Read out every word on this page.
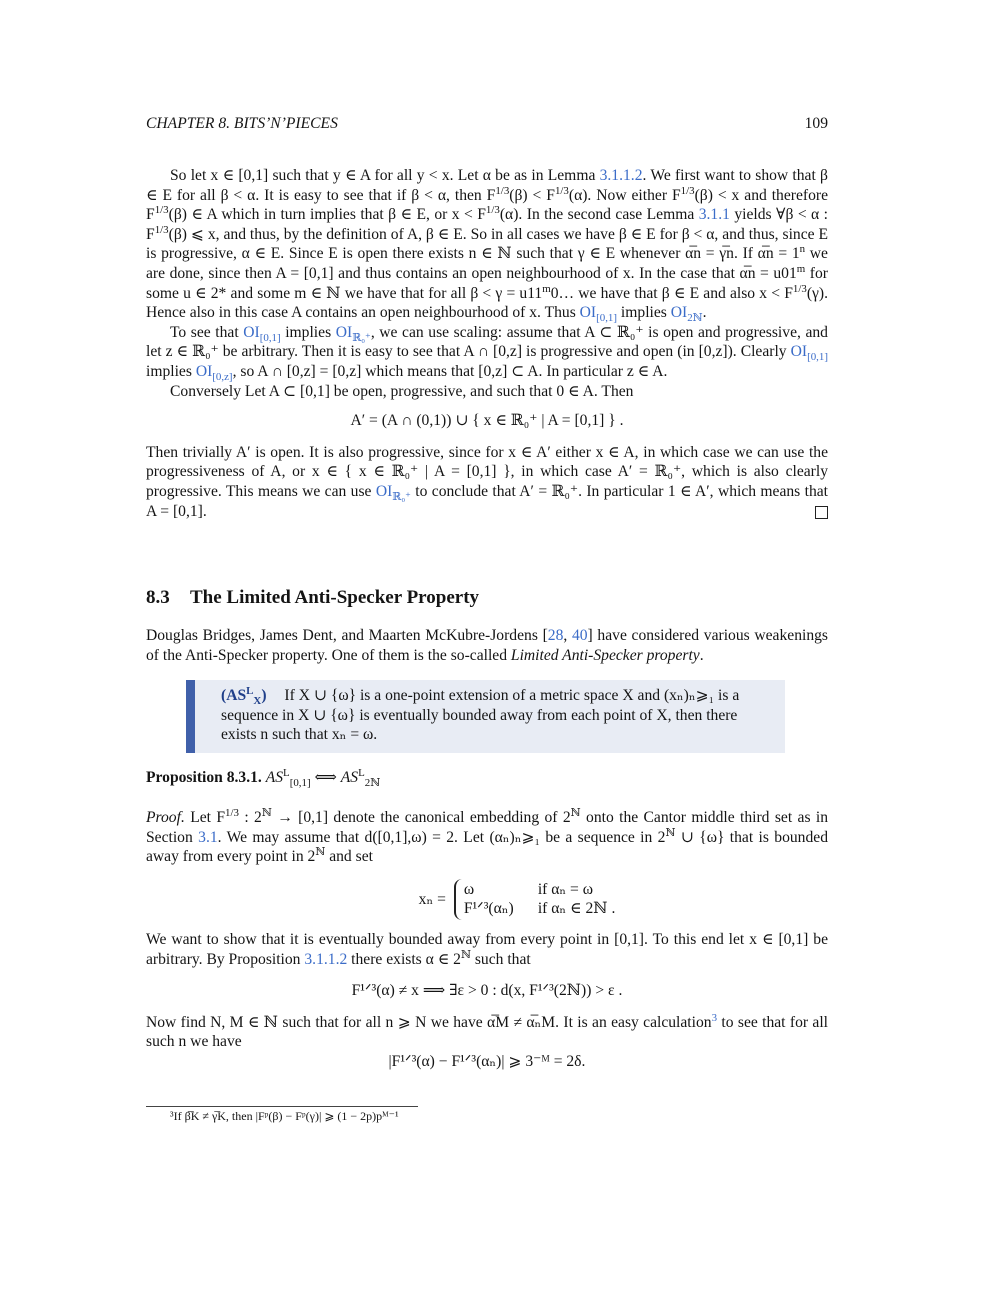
CHAPTER 8. BITS’N’PIECES	109

So let x ∈ [0,1] such that y ∈ A for all y < x. Let α be as in Lemma 3.1.1.2. We first want to show that β ∈ E for all β < α. It is easy to see that if β < α, then $F^{1/3}(\beta) < F^{1/3}(\alpha)$. Now either $F^{1/3}(\beta) < x$ and therefore $F^{1/3}(\beta)$ ∈ A which in turn implies that β ∈ E, or $x < F^{1/3}(\alpha)$. In the second case Lemma 3.1.1 yields ∀β < α : $F^{1/3}(\beta)$ ⩽ x, and thus, by the definition of A, β ∈ E. So in all cases we have β ∈ E for β < α, and thus, since E is progressive, α ∈ E. Since E is open there exists n ∈ ℕ such that γ ∈ E whenever α̅n = γ̅n. If α̅n = $1^n$ we are done, since then A = [0,1] and thus contains an open neighbourhood of x. In the case that α̅n = $u01^m$ for some u ∈ 2* and some m ∈ ℕ we have that for all $\beta < \gamma = u11^m0\dots$ we have that β ∈ E and also $x < F^{1/3}(\gamma)$. Hence also in this case A contains an open neighbourhood of x. Thus $OI_{[0,1]}$ implies $OI_{2ℕ}$.

To see that $OI_{[0,1]}$ implies $OI_{ℝ_0^+}$, we can use scaling: assume that A ⊂ ℝ₀⁺ is open and progressive, and let z ∈ ℝ₀⁺ be arbitrary. Then it is easy to see that A ∩ [0,z] is progressive and open (in [0,z]). Clearly $OI_{[0,1]}$ implies $OI_{[0,z]}$, so A ∩ [0,z] = [0,z] which means that [0,z] ⊂ A. In particular z ∈ A.

Conversely Let A ⊂ [0,1] be open, progressive, and such that 0 ∈ A. Then

A′ = (A ∩ (0,1)) ∪ { x ∈ ℝ₀⁺ | A = [0,1] } .

Then trivially A′ is open. It is also progressive, since for x ∈ A′ either x ∈ A, in which case we can use the progressiveness of A, or x ∈ { x ∈ ℝ₀⁺ | A = [0,1] }, in which case A′ = ℝ₀⁺, which is also clearly progressive. This means we can use $OI_{ℝ_0^+}$ to conclude that A′ = ℝ₀⁺. In particular 1 ∈ A′, which means that A = [0,1].

8.3 The Limited Anti-Specker Property

Douglas Bridges, James Dent, and Maarten McKubre-Jordens [28, 40] have considered various weakenings of the Anti-Specker property. One of them is the so-called Limited Anti-Specker property.

$(AS^L_X)$ If X ∪ {ω} is a one-point extension of a metric space X and (xₙ)ₙ⩾₁ is a sequence in X ∪ {ω} is eventually bounded away from each point of X, then there exists n such that xₙ = ω.

Proposition 8.3.1. $AS^L_{[0,1]}$ ⟺ $AS^L_{2ℕ}$

Proof. Let $F^{1/3}$ : $2^ℕ \to [0,1]$ denote the canonical embedding of $2^ℕ$ onto the Cantor middle third set as in Section 3.1. We may assume that d([0,1],ω) = 2. Let (αₙ)ₙ⩾₁ be a sequence in $2^ℕ$ ∪ {ω} that is bounded away from every point in $2^ℕ$ and set

xₙ =
ω	if αₙ = ω
F¹ᐟ³(αₙ) if αₙ ∈ 2ℕ .

We want to show that it is eventually bounded away from every point in [0,1]. To this end let x ∈ [0,1] be arbitrary. By Proposition 3.1.1.2 there exists α ∈ $2^ℕ$ such that

F¹ᐟ³(α) ≠ x ⟹ ∃ε > 0 : d(x, F¹ᐟ³(2ℕ)) > ε .

Now find N, M ∈ ℕ such that for all n ⩾ N we have α̅M ≠ α̅ₙM. It is an easy calculation$^3$ to see that for all such n we have

|F¹ᐟ³(α) − F¹ᐟ³(αₙ)| ⩾ 3⁻ᴹ = 2δ.

³If β̅K ≠ γ̅K, then |Fᵖ(β) − Fᵖ(γ)| ⩾ (1 − 2p)pᴹ⁻¹
